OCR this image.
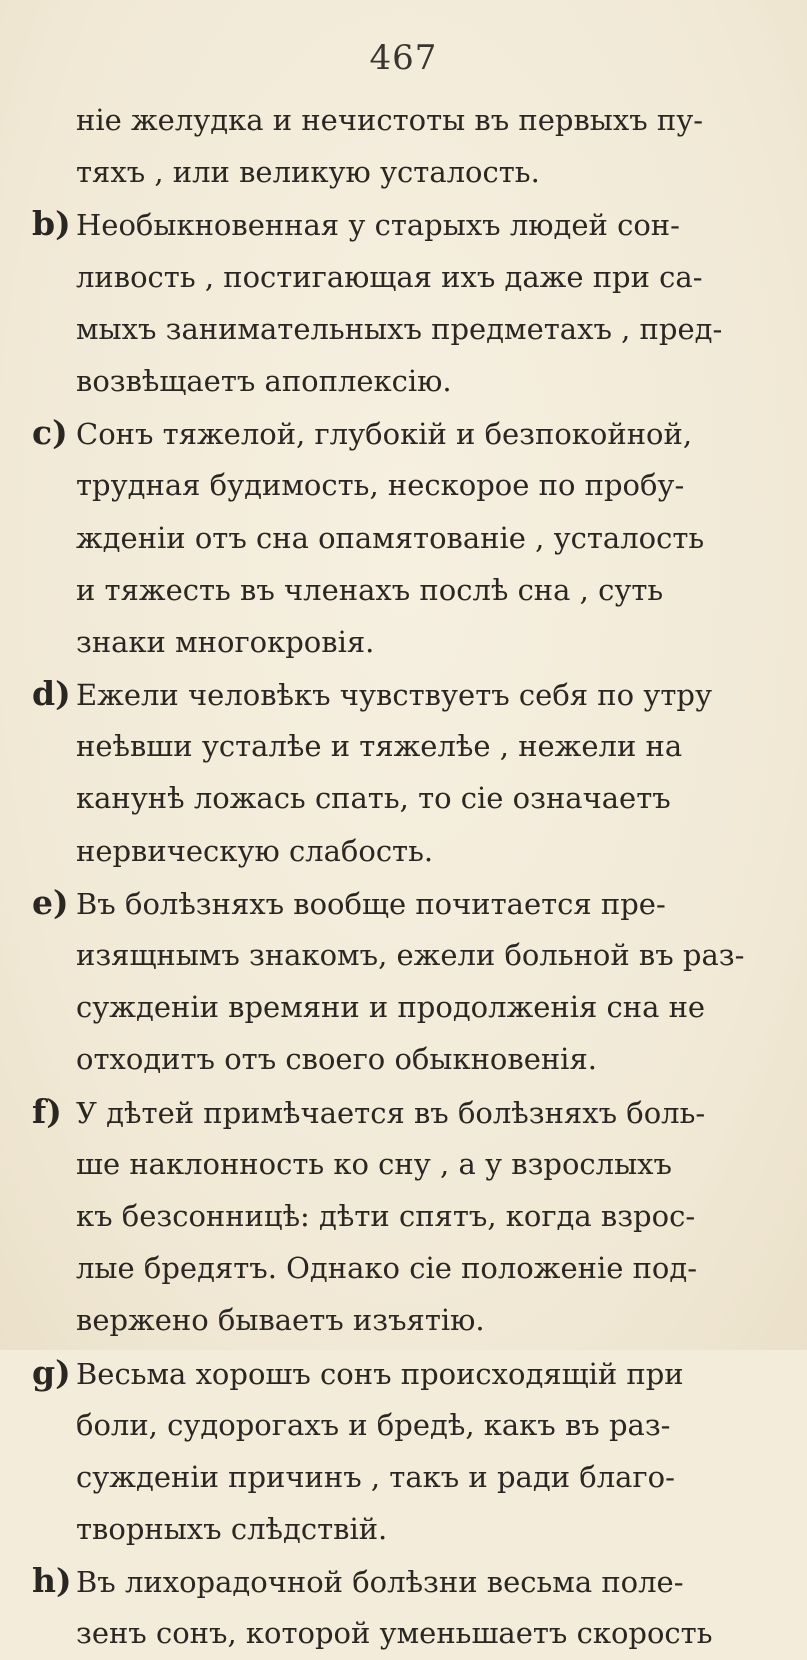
467
ніе желудка и нечистоты въ первыхъ пу-
тяхъ , или великую усталость.
b) Необыкновенная у старыхъ людей сон-
ливость , постигающая ихъ даже при са-
мыхъ занимательныхъ предметахъ , пред-
возвѣщаетъ апоплексію.
c) Сонъ тяжелой, глубокій и безпокойной,
трудная будимость, нескорое по пробу-
жденіи отъ сна опамятованіе , усталость
и тяжесть въ членахъ послѣ сна , суть
знаки многокровія.
d) Ежели человѣкъ чувствуетъ себя по утру
неѣвши усталѣе и тяжелѣе , нежели на
канунѣ ложась спать, то сіе означаетъ
нервическую слабость.
e) Въ болѣзняхъ вообще почитается пре-
изящнымъ знакомъ, ежели больной въ раз-
сужденіи времяни и продолженія сна не
отходитъ отъ своего обыкновенія.
f) У дѣтей примѣчается въ болѣзняхъ боль-
ше наклонность ко сну , а у взрослыхъ
къ безсонницѣ: дѣти спятъ, когда взрос-
лые бредятъ. Однако сіе положеніе под-
вержено бываетъ изъятію.
g) Весьма хорошъ сонъ происходящій при
боли, судорогахъ и бредѣ, какъ въ раз-
сужденіи причинъ , такъ и ради благо-
творныхъ слѣдствій.
h) Въ лихорадочной болѣзни весьма поле-
зенъ сонъ, которой уменьшаетъ скорость
